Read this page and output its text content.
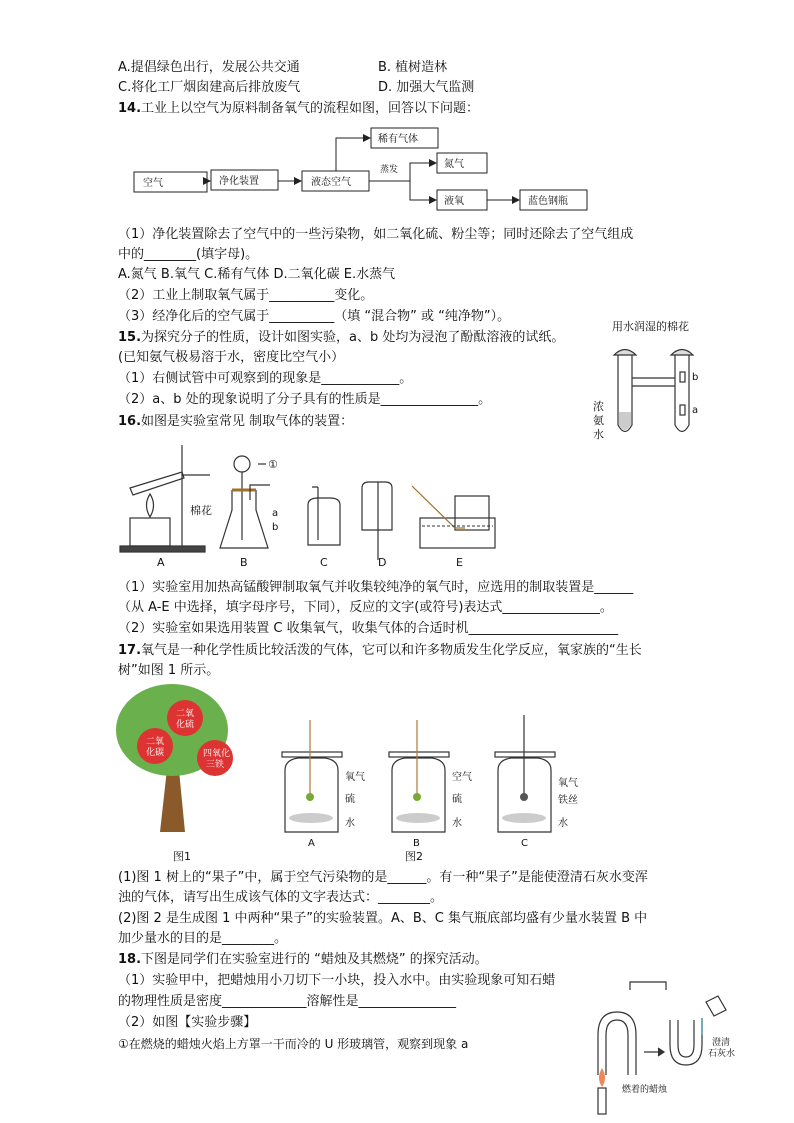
A.提倡绿色出行，发展公共交通	B. 植树造林
C.将化工厂烟囱建高后排放废气	D. 加强大气监测
14.工业上以空气为原料制备氧气的流程如图，回答以下问题：
空气	净化装置	液态空气
稀有气体
氮气
液氧	蓝色钢瓶
蒸发
（1）净化装置除去了空气中的一些污染物，如二氧化硫、粉尘等；同时还除去了空气组成
中的________(填字母)。
A.氮气 B.氧气 C.稀有气体 D.二氧化碳 E.水蒸气
（2）工业上制取氧气属于__________变化。
（3）经净化后的空气属于__________（填 “混合物” 或 “纯净物”）。
15.为探究分子的性质，设计如图实验，a、b 处均为浸泡了酚酞溶液的试纸。
(已知氨气极易溶于水，密度比空气小）
（1）右侧试管中可观察到的现象是____________。
（2）a、b 处的现象说明了分子具有的性质是_______________。
用水润湿的棉花
b
a
浓
氨
水
16.如图是实验室常见 制取气体的装置：
棉花
①
a
b
A	B	C	D	E
（1）实验室用加热高锰酸钾制取氧气并收集较纯净的氧气时，应选用的制取装置是______
（从 A-E 中选择，填字母序号，下同），反应的文字(或符号)表达式_______________。
（2）实验室如果选用装置 C 收集氧气，收集气体的合适时机_______________________
17.氧气是一种化学性质比较活泼的气体，它可以和许多物质发生化学反应，氧家族的“生长
树”如图 1 所示。
二氧
化硫
二氧
化碳	四氧化
三铁
图1	图2
氧气
硫
水
空气
硫
水
氧气
铁丝
水
A	B	C
(1)图 1 树上的“果子”中，属于空气污染物的是______。有一种“果子”是能使澄清石灰水变浑
浊的气体，请写出生成该气体的文字表达式：________。
(2)图 2 是生成图 1 中两种“果子”的实验装置。A、B、C 集气瓶底部均盛有少量水装置 B 中
加少量水的目的是________。
18.下图是同学们在实验室进行的 “蜡烛及其燃烧” 的探究活动。
（1）实验甲中，把蜡烛用小刀切下一小块，投入水中。由实验现象可知石蜡
的物理性质是密度_____________溶解性是_______________
（2）如图【实验步骤】
①在燃烧的蜡烛火焰上方罩一干而冷的 U 形玻璃管，观察到现象 a	澄清
石灰水
燃着的蜡烛
